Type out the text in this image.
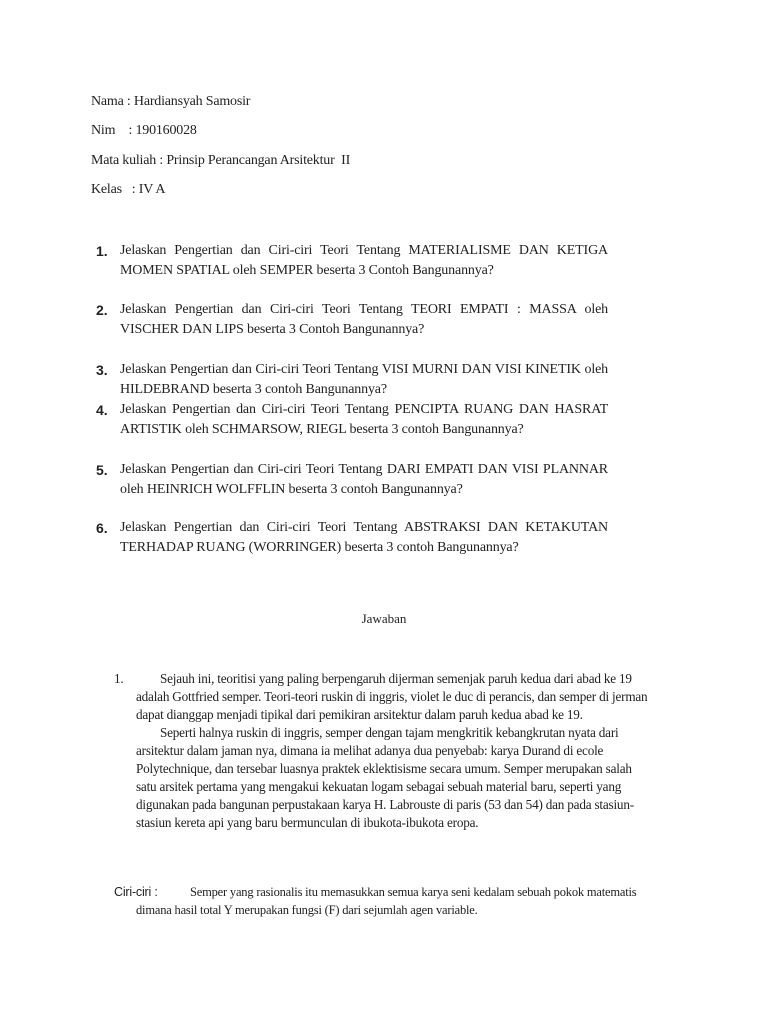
Nama : Hardiansyah Samosir
Nim    : 190160028
Mata kuliah : Prinsip Perancangan Arsitektur  II
Kelas   : IV A
1. Jelaskan Pengertian dan Ciri-ciri Teori Tentang MATERIALISME DAN KETIGA MOMEN SPATIAL oleh SEMPER beserta 3 Contoh Bangunannya?
2. Jelaskan Pengertian dan Ciri-ciri Teori Tentang TEORI EMPATI : MASSA oleh VISCHER DAN LIPS beserta 3 Contoh Bangunannya?
3. Jelaskan Pengertian dan Ciri-ciri Teori Tentang VISI MURNI DAN VISI KINETIK oleh HILDEBRAND beserta 3 contoh Bangunannya?
4. Jelaskan Pengertian dan Ciri-ciri Teori Tentang PENCIPTA RUANG DAN HASRAT ARTISTIK oleh SCHMARSOW, RIEGL beserta 3 contoh Bangunannya?
5. Jelaskan Pengertian dan Ciri-ciri Teori Tentang DARI EMPATI DAN VISI PLANNAR oleh HEINRICH WOLFFLIN beserta 3 contoh Bangunannya?
6. Jelaskan Pengertian dan Ciri-ciri Teori Tentang ABSTRAKSI DAN KETAKUTAN TERHADAP RUANG (WORRINGER) beserta 3 contoh Bangunannya?
Jawaban
1.	Sejauh ini, teoritisi yang paling berpengaruh dijerman semenjak paruh kedua dari abad ke 19 adalah Gottfried semper. Teori-teori ruskin di inggris, violet le duc di perancis, dan semper di jerman dapat dianggap menjadi tipikal dari pemikiran arsitektur dalam paruh kedua abad ke 19.
Seperti halnya ruskin di inggris, semper dengan tajam mengkritik kebangkrutan nyata dari arsitektur dalam jaman nya, dimana ia melihat adanya dua penyebab: karya Durand di ecole Polytechnique, dan tersebar luasnya praktek eklektisisme secara umum. Semper merupakan salah satu arsitek pertama yang mengakui kekuatan logam sebagai sebuah material baru, seperti yang digunakan pada bangunan perpustakaan karya H. Labrouste di paris (53 dan 54) dan pada stasiun-stasiun kereta api yang baru bermunculan di ibukota-ibukota eropa.
Ciri-ciri :	Semper yang rasionalis itu memasukkan semua karya seni kedalam sebuah pokok matematis dimana hasil total Y merupakan fungsi (F) dari sejumlah agen variable.
